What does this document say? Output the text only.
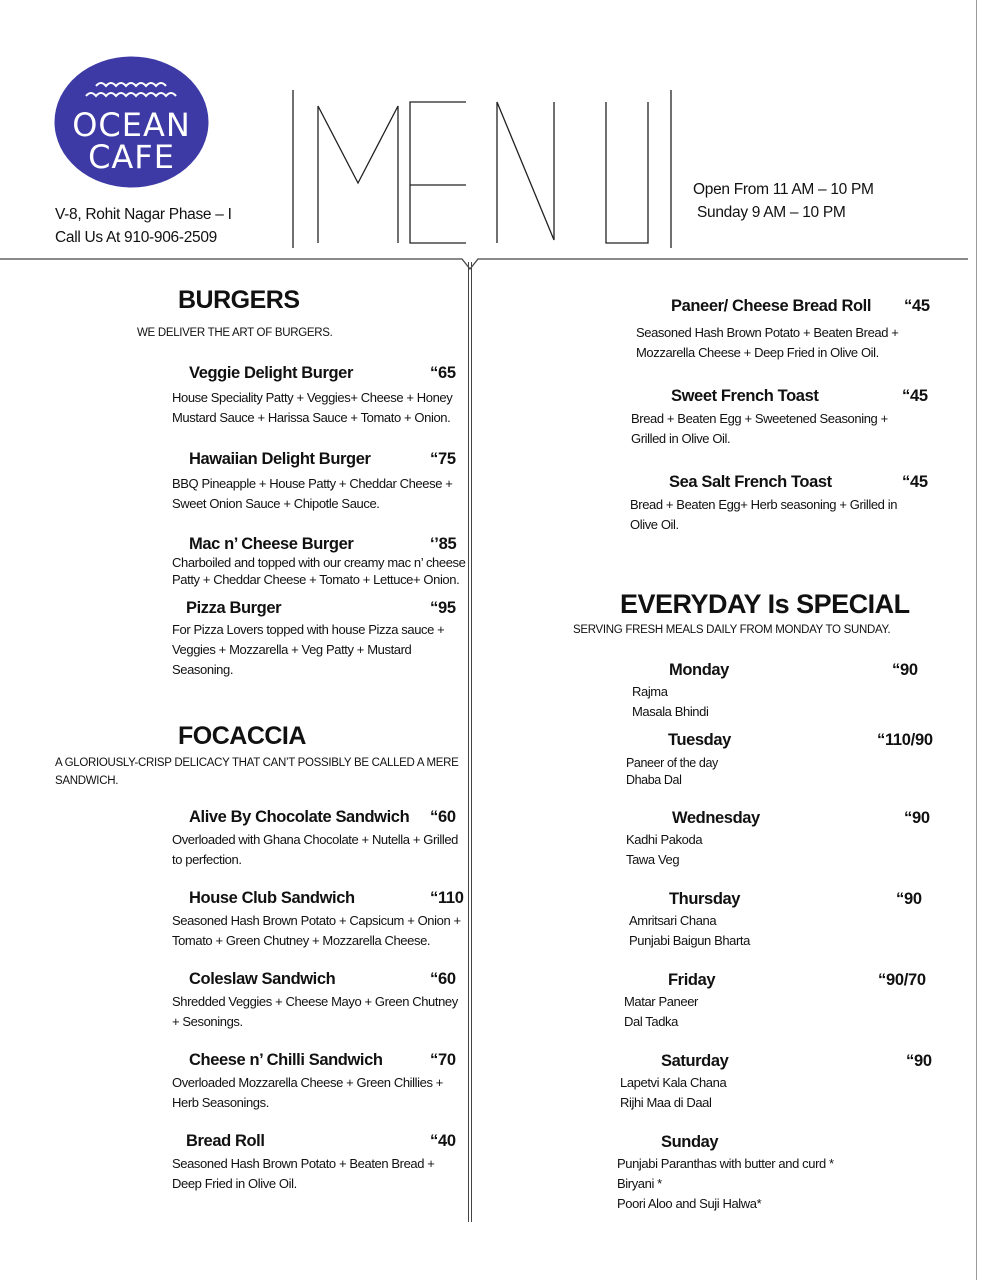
OCEAN
CAFE
V-8, Rohit Nagar Phase – I
Call Us At 910-906-2509
Open From 11 AM – 10 PM
Sunday 9 AM – 10 PM
BURGERS
WE DELIVER THE ART OF BURGERS.
Veggie Delight Burger	“65
House Speciality Patty + Veggies+ Cheese + Honey Mustard Sauce + Harissa Sauce + Tomato + Onion.
Hawaiian Delight Burger	“75
BBQ Pineapple + House Patty + Cheddar Cheese + Sweet Onion Sauce + Chipotle Sauce.
Mac n’ Cheese Burger	‘’85
Charboiled and topped with our creamy mac n’ cheese Patty + Cheddar Cheese + Tomato + Lettuce+ Onion.
Pizza Burger	“95
For Pizza Lovers topped with house Pizza sauce + Veggies + Mozzarella + Veg Patty + Mustard Seasoning.
FOCACCIA
A GLORIOUSLY-CRISP DELICACY THAT CAN’T POSSIBLY BE CALLED A MERE SANDWICH.
Alive By Chocolate Sandwich “60
Overloaded with Ghana Chocolate + Nutella + Grilled to perfection.
House Club Sandwich	“110
Seasoned Hash Brown Potato + Capsicum + Onion + Tomato + Green Chutney + Mozzarella Cheese.
Coleslaw Sandwich	“60
Shredded Veggies + Cheese Mayo + Green Chutney + Sesonings.
Cheese n’ Chilli Sandwich	“70
Overloaded Mozzarella Cheese + Green Chillies + Herb Seasonings.
Bread Roll	“40
Seasoned Hash Brown Potato + Beaten Bread + Deep Fried in Olive Oil.
Paneer/ Cheese Bread Roll “45
Seasoned Hash Brown Potato + Beaten Bread + Mozzarella Cheese + Deep Fried in Olive Oil.
Sweet French Toast	“45
Bread + Beaten Egg + Sweetened Seasoning + Grilled in Olive Oil.
Sea Salt French Toast	“45
Bread + Beaten Egg+ Herb seasoning + Grilled in Olive Oil.
EVERYDAY Is SPECIAL
SERVING FRESH MEALS DAILY FROM MONDAY TO SUNDAY.
Monday	“90
Rajma
Masala Bhindi
Tuesday	“110/90
Paneer of the day
Dhaba Dal
Wednesday	“90
Kadhi Pakoda
Tawa Veg
Thursday	“90
Amritsari Chana
Punjabi Baigun Bharta
Friday	“90/70
Matar Paneer
Dal Tadka
Saturday	“90
Lapetvi Kala Chana
Rijhi Maa di Daal
Sunday
Punjabi Paranthas with butter and curd *
Biryani *
Poori Aloo and Suji Halwa*
